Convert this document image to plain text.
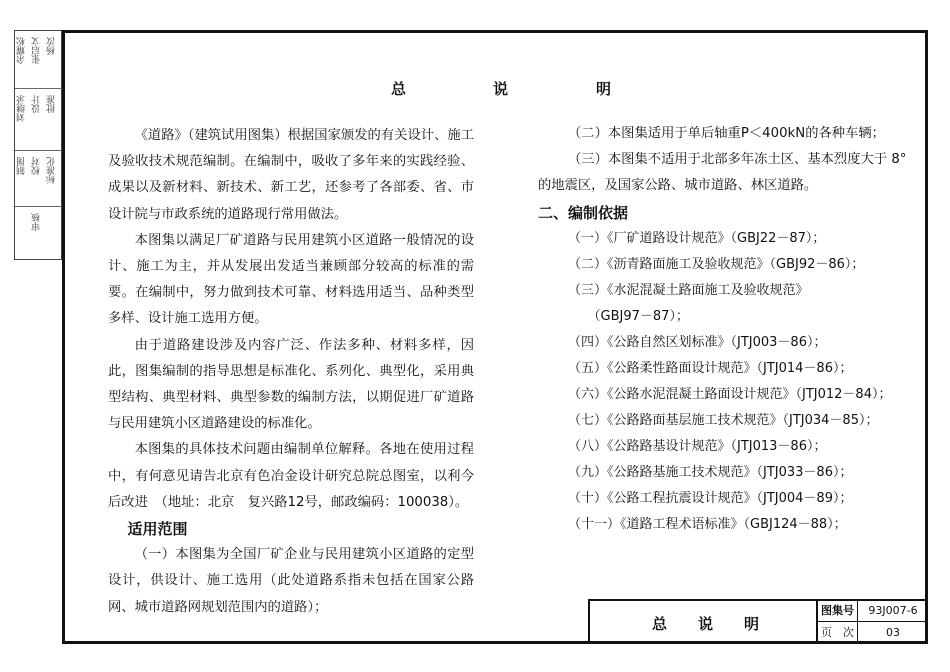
余耀松 张启文 杨汝
刘继录 设计 批准
制图 校对 标准化
审核
总	说	明

《道路》（建筑试用图集）根据国家颁发的有关设计、施工及验收技术规范编制。在编制中，吸收了多年来的实践经验、成果以及新材料、新技术、新工艺，还参考了各部委、省、市设计院与市政系统的道路现行常用做法。

本图集以满足厂矿道路与民用建筑小区道路一般情况的设计、施工为主，并从发展出发适当兼顾部分较高的标准的需要。在编制中，努力做到技术可靠、材料选用适当、品种类型多样、设计施工选用方便。

由于道路建设涉及内容广泛、作法多种、材料多样，因此，图集编制的指导思想是标准化、系列化、典型化，采用典型结构、典型材料、典型参数的编制方法，以期促进厂矿道路与民用建筑小区道路建设的标准化。

本图集的具体技术问题由编制单位解释。各地在使用过程中，有何意见请告北京有色冶金设计研究总院总图室，以利今后改进　（地址：北京　复兴路12号，邮政编码：100038）。

适用范围

（一）本图集为全国厂矿企业与民用建筑小区道路的定型设计，供设计、施工选用（此处道路系指未包括在国家公路网、城市道路网规划范围内的道路）；

（二）本图集适用于单后轴重P＜400kN的各种车辆；

（三）本图集不适用于北部多年冻土区、基本烈度大于 8°

的地震区，及国家公路、城市道路、林区道路。

二、编制依据

（一）《厂矿道路设计规范》（GBJ22－87）；
（二）《沥青路面施工及验收规范》（GBJ92－86）；
（三）《水泥混凝土路面施工及验收规范》
　　（GBJ97－87）；
（四）《公路自然区划标准》（JTJ003－86）；
（五）《公路柔性路面设计规范》（JTJ014－86）；
（六）《公路水泥混凝土路面设计规范》（JTJ012－84）；
（七）《公路路面基层施工技术规范》（JTJ034－85）；
（八）《公路路基设计规范》（JTJ013－86）；
（九）《公路路基施工技术规范》（JTJ033－86）；
（十）《公路工程抗震设计规范》（JTJ004－89）；
（十一）《道路工程术语标准》（GBJ124－88）；
总 说 明
图集号	93J007-6
页　次	03
